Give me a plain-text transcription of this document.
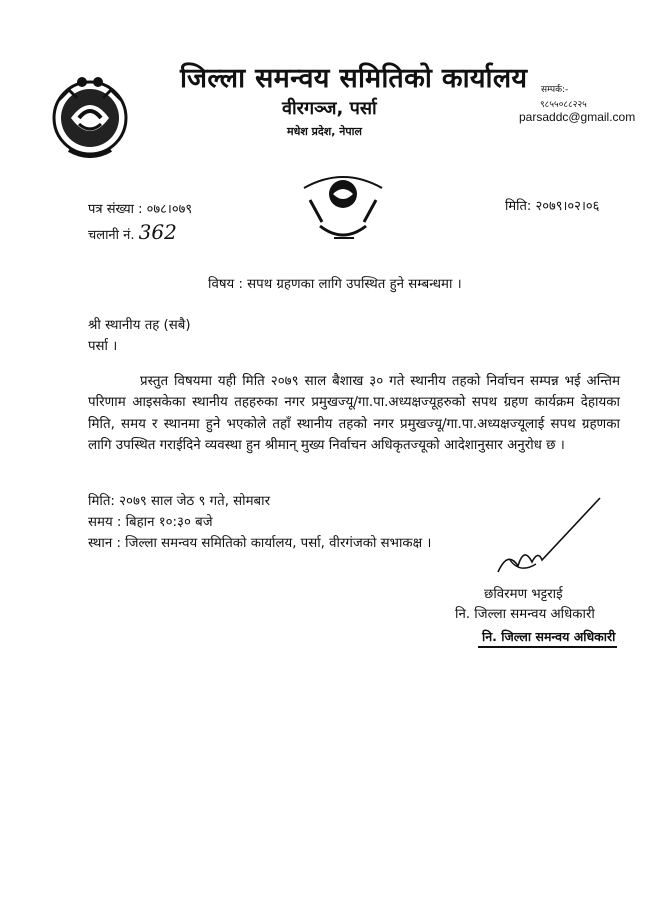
जिल्ला समन्वय समितिको कार्यालय
वीरगञ्ज, पर्सा
मधेश प्रदेश, नेपाल
सम्पर्क:-
९८५५०८८२२५
parsaddc@gmail.com
पत्र संख्या : ०७८।०७९
चलानी नं. 362
मिति: २०७९।०२।०६
विषय : सपथ ग्रहणका लागि उपस्थित हुने सम्बन्धमा ।
श्री स्थानीय तह (सबै)
पर्सा ।
प्रस्तुत विषयमा यही मिति २०७९ साल बैशाख ३० गते स्थानीय तहको निर्वाचन सम्पन्न भई अन्तिम परिणाम आइसकेका स्थानीय तहहरुका नगर प्रमुखज्यू/गा.पा.अध्यक्षज्यूहरुको सपथ ग्रहण कार्यक्रम देहायका मिति, समय र स्थानमा हुने भएकोले तहाँ स्थानीय तहको नगर प्रमुखज्यू/गा.पा.अध्यक्षज्यूलाई सपथ ग्रहणका लागि उपस्थित गराईदिने व्यवस्था हुन श्रीमान् मुख्य निर्वाचन अधिकृतज्यूको आदेशानुसार अनुरोध छ ।
मिति: २०७९ साल जेठ ९ गते, सोमबार
समय : बिहान १०:३० बजे
स्थान : जिल्ला समन्वय समितिको कार्यालय, पर्सा, वीरगंजको सभाकक्ष ।
छविरमण भट्टराई
नि. जिल्ला समन्वय अधिकारी
नि. जिल्ला समन्वय अधिकारी
